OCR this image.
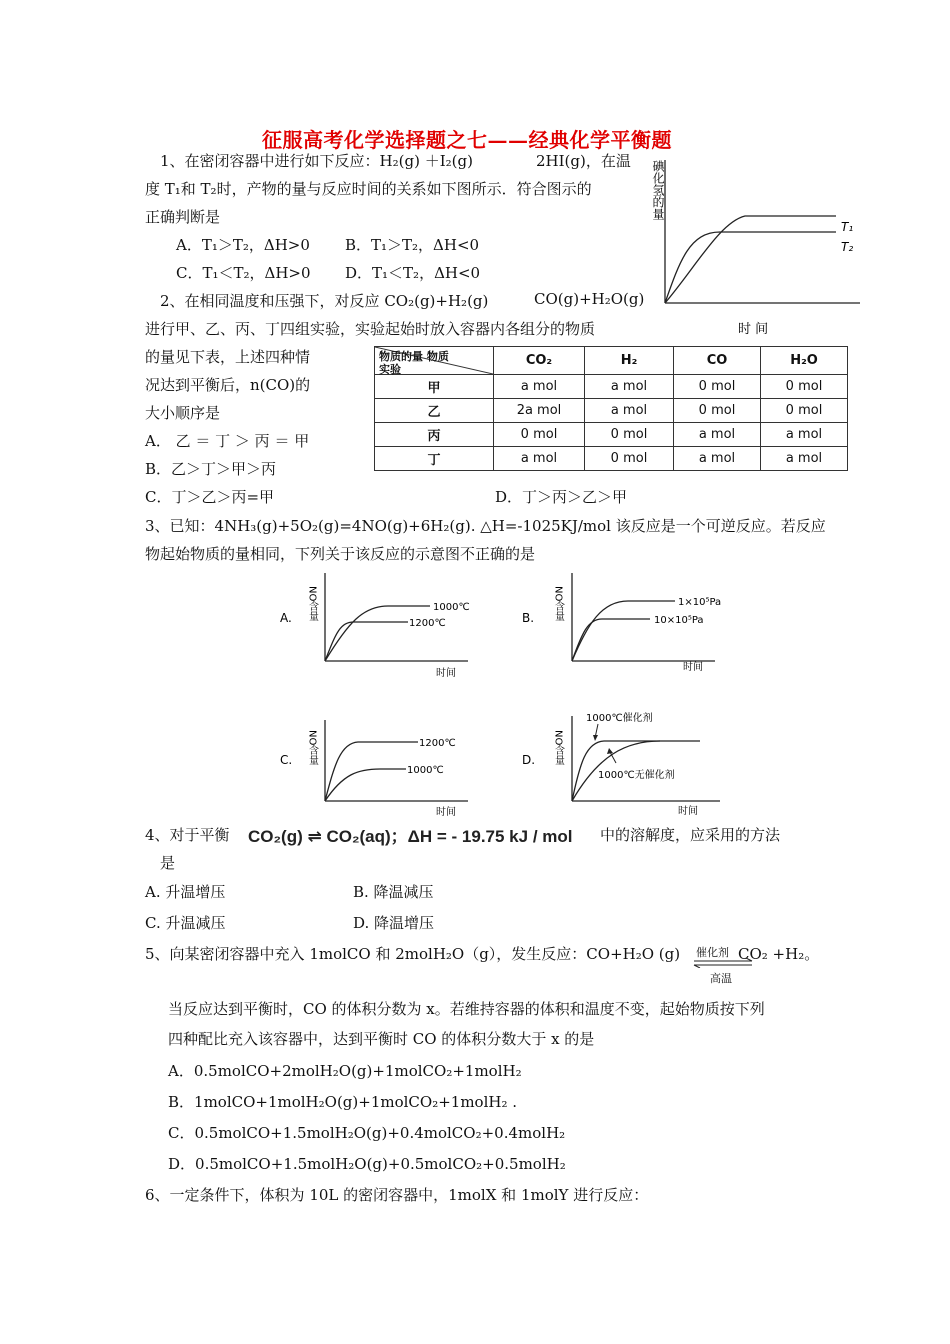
征服高考化学选择题之七——经典化学平衡题
1、在密闭容器中进行如下反应：H₂(g) ＋I₂(g)	2HI(g)，在温
度 T₁和 T₂时，产物的量与反应时间的关系如下图所示．符合图示的
正确判断是
A．T₁＞T₂，ΔH>0 B．T₁＞T₂，ΔH<0
C．T₁＜T₂，ΔH>0 D．T₁＜T₂，ΔH<0
碘化氢的量
T₁
T₂
时 间
2、在相同温度和压强下，对反应 CO₂(g)+H₂(g)	CO(g)+H₂O(g)
进行甲、乙、丙、丁四组实验，实验起始时放入容器内各组分的物质
的量见下表，上述四种情
况达到平衡后，n(CO)的
大小顺序是
A． 乙 ＝ 丁 ＞ 丙 ＝ 甲
B．乙＞丁＞甲＞丙
C．丁＞乙＞丙=甲	D．丁＞丙＞乙＞甲
物质的量 物质
实验	CO₂	H₂	CO	H₂O
甲	a mol	a mol	0 mol	0 mol
乙	2a mol	a mol	0 mol	0 mol
丙	0 mol	0 mol	a mol	a mol
丁	a mol	0 mol	a mol	a mol
3、已知：4NH₃(g)+5O₂(g)=4NO(g)+6H₂(g). △H=-1025KJ/mol 该反应是一个可逆反应。若反应
物起始物质的量相同，下列关于该反应的示意图不正确的是
A. NO含量	1000℃
1200℃
时间
B. NO含量	1×10⁵Pa
10×10⁵Pa
时间
C. NO含量	1200℃
1000℃
时间
D. NO含量
1000℃催化剂
1000℃无催化剂
时间
4、对于平衡 CO₂(g) ⇌ CO₂(aq)；ΔH = - 19.75 kJ / mol 中的溶解度，应采用的方法
是
A. 升温增压	B. 降温减压
C. 升温减压	D. 降温增压
5、向某密闭容器中充入 1molCO 和 2molH₂O（g），发生反应：CO+H₂O (g) 催化剂 CO₂ +H₂。
高温
当反应达到平衡时，CO 的体积分数为 x。若维持容器的体积和温度不变，起始物质按下列
四种配比充入该容器中，达到平衡时 CO 的体积分数大于 x 的是
A．0.5molCO+2molH₂O(g)+1molCO₂+1molH₂
B．1molCO+1molH₂O(g)+1molCO₂+1molH₂ .
C．0.5molCO+1.5molH₂O(g)+0.4molCO₂+0.4molH₂
D．0.5molCO+1.5molH₂O(g)+0.5molCO₂+0.5molH₂
6、一定条件下，体积为 10L 的密闭容器中，1molX 和 1molY 进行反应：
